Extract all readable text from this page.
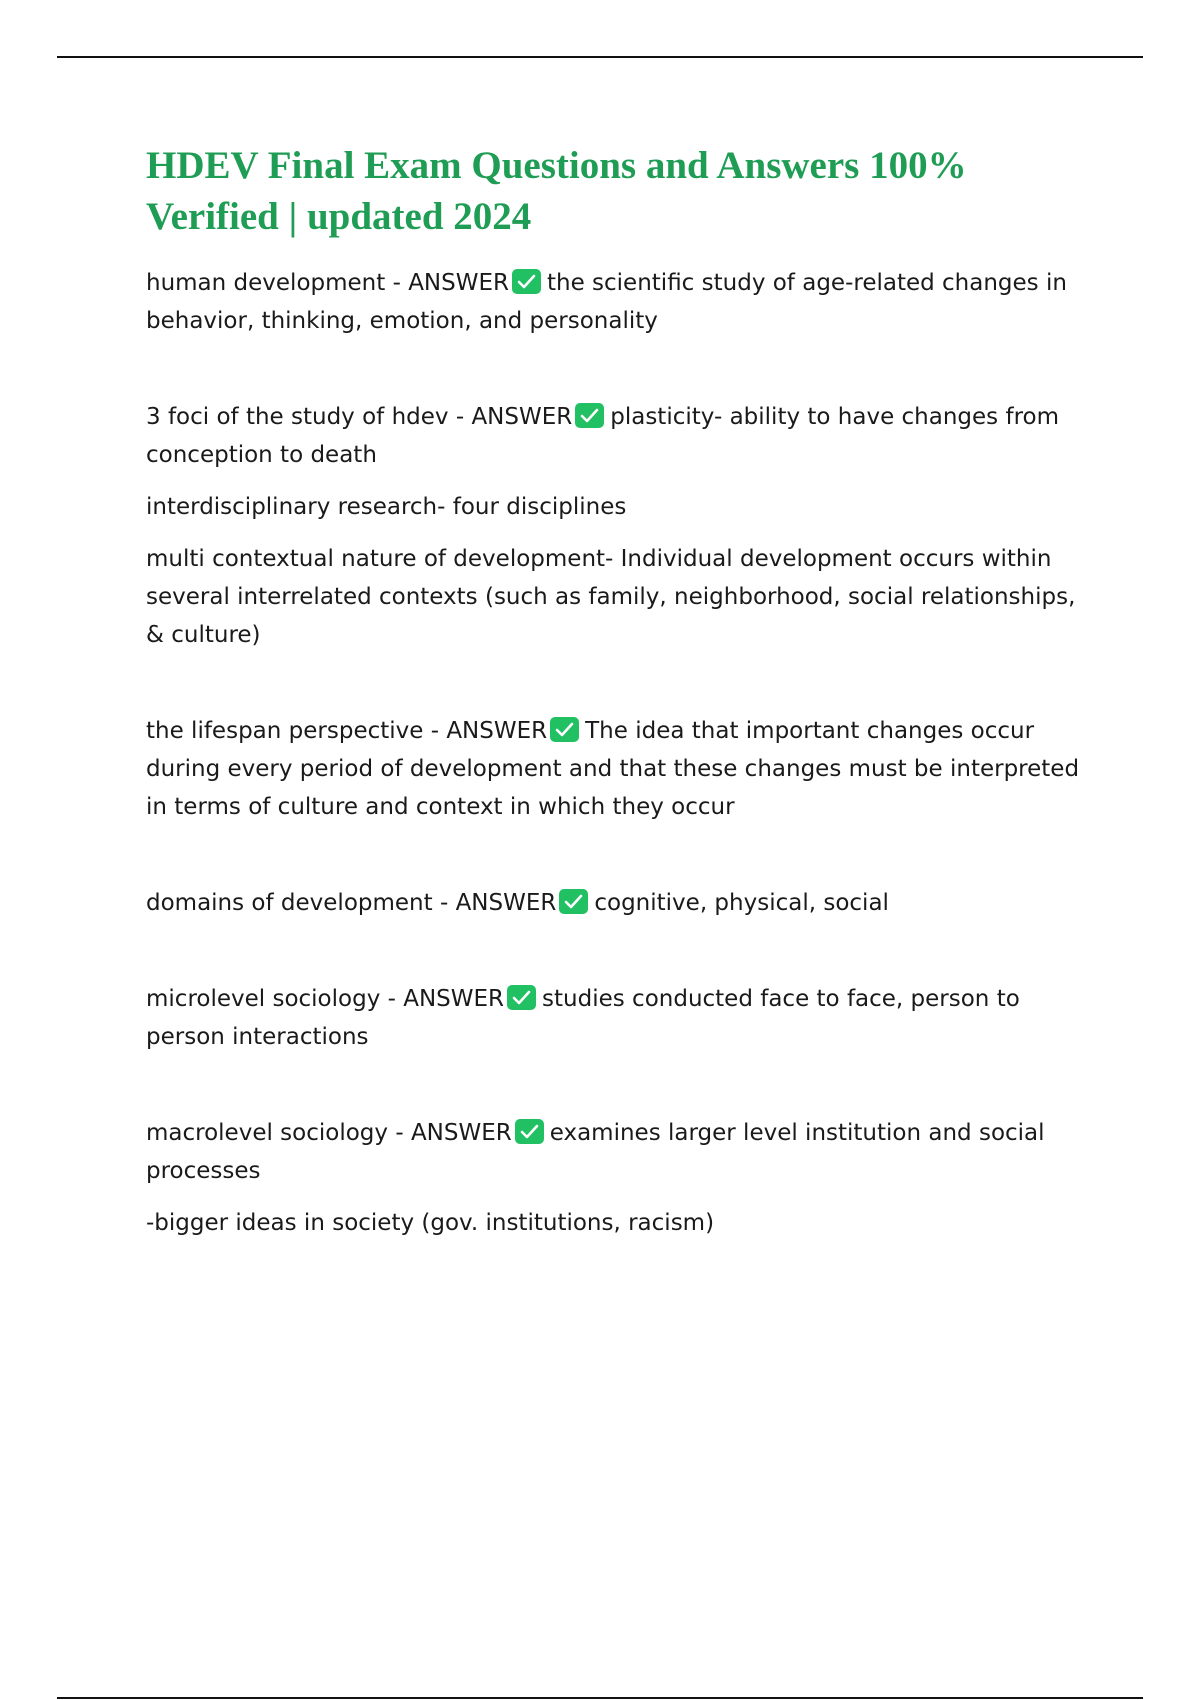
HDEV Final Exam Questions and Answers 100%
Verified | updated 2024

human development - ANSWER the scientific study of age-related changes in behavior, thinking, emotion, and personality

3 foci of the study of hdev - ANSWER plasticity- ability to have changes from conception to death

interdisciplinary research- four disciplines

multi contextual nature of development- Individual development occurs within several interrelated contexts (such as family, neighborhood, social relationships, & culture)

the lifespan perspective - ANSWER The idea that important changes occur during every period of development and that these changes must be interpreted in terms of culture and context in which they occur

domains of development - ANSWER cognitive, physical, social

microlevel sociology - ANSWER studies conducted face to face, person to person interactions

macrolevel sociology - ANSWER examines larger level institution and social processes

-bigger ideas in society (gov. institutions, racism)
